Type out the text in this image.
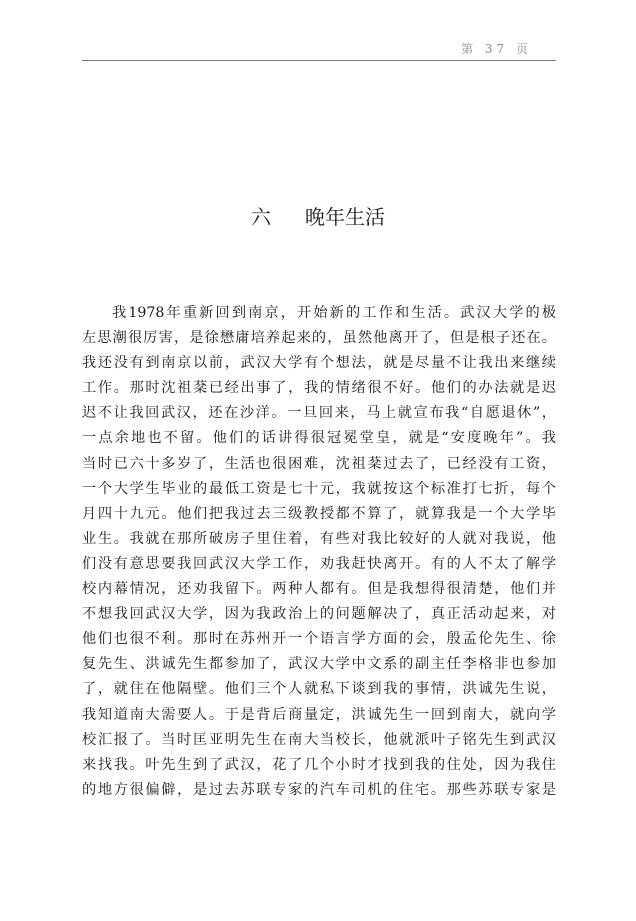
第 37 页
六 晚年生活
我1978年重新回到南京，开始新的工作和生活。武汉大学的极
左思潮很厉害，是徐懋庸培养起来的，虽然他离开了，但是根子还在。
我还没有到南京以前，武汉大学有个想法，就是尽量不让我出来继续
工作。那时沈祖棻已经出事了，我的情绪很不好。他们的办法就是迟
迟不让我回武汉，还在沙洋。一旦回来，马上就宣布我“自愿退休”，
一点余地也不留。他们的话讲得很冠冕堂皇，就是“安度晚年”。我
当时已六十多岁了，生活也很困难，沈祖棻过去了，已经没有工资，
一个大学生毕业的最低工资是七十元，我就按这个标准打七折，每个
月四十九元。他们把我过去三级教授都不算了，就算我是一个大学毕
业生。我就在那所破房子里住着，有些对我比较好的人就对我说，他
们没有意思要我回武汉大学工作，劝我赶快离开。有的人不太了解学
校内幕情况，还劝我留下。两种人都有。但是我想得很清楚，他们并
不想我回武汉大学，因为我政治上的问题解决了，真正活动起来，对
他们也很不利。那时在苏州开一个语言学方面的会，殷孟伦先生、徐
复先生、洪诚先生都参加了，武汉大学中文系的副主任李格非也参加
了，就住在他隔壁。他们三个人就私下谈到我的事情，洪诚先生说，
我知道南大需要人。于是背后商量定，洪诚先生一回到南大，就向学
校汇报了。当时匡亚明先生在南大当校长，他就派叶子铭先生到武汉
来找我。叶先生到了武汉，花了几个小时才找到我的住处，因为我住
的地方很偏僻，是过去苏联专家的汽车司机的住宅。那些苏联专家是
